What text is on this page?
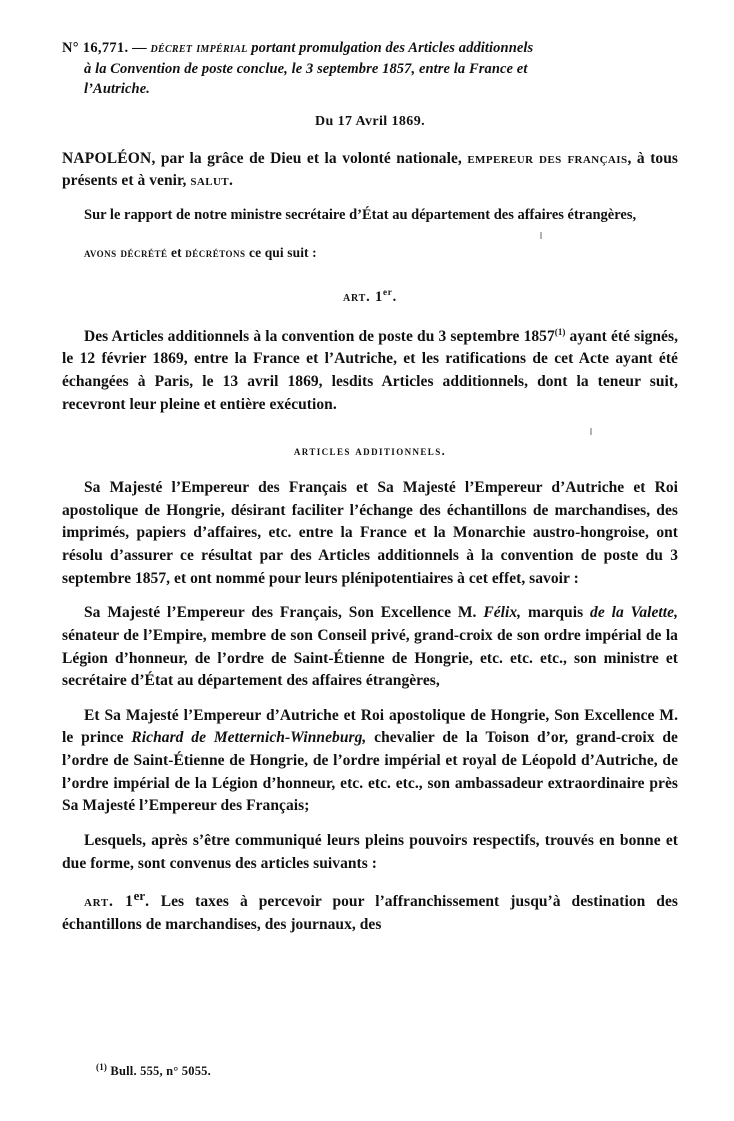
N° 16,771. — décret impérial portant promulgation des Articles additionnels
à la Convention de poste conclue, le 3 septembre 1857, entre la France et
l’Autriche.
Du 17 Avril 1869.

NAPOLÉON, par la grâce de Dieu et la volonté nationale, empereur des français, à tous présents et à venir, salut.

Sur le rapport de notre ministre secrétaire d’État au département des affaires étrangères,

avons décrété et décrétons ce qui suit :

art. 1er.

Des Articles additionnels à la convention de poste du 3 septembre 1857$^{(1)}$ ayant été signés, le 12 février 1869, entre la France et l’Autriche, et les ratifications de cet Acte ayant été échangées à Paris, le 13 avril 1869, lesdits Articles additionnels, dont la teneur suit, recevront leur pleine et entière exécution.

articles additionnels.

Sa Majesté l’Empereur des Français et Sa Majesté l’Empereur d’Autriche et Roi apostolique de Hongrie, désirant faciliter l’échange des échantillons de marchandises, des imprimés, papiers d’affaires, etc. entre la France et la Monarchie austro-hongroise, ont résolu d’assurer ce résultat par des Articles additionnels à la convention de poste du 3 septembre 1857, et ont nommé pour leurs plénipotentiaires à cet effet, savoir :

Sa Majesté l’Empereur des Français, Son Excellence M. Félix, marquis de la Valette, sénateur de l’Empire, membre de son Conseil privé, grand-croix de son ordre impérial de la Légion d’honneur, de l’ordre de Saint-Étienne de Hongrie, etc. etc. etc., son ministre et secrétaire d’État au département des affaires étrangères,

Et Sa Majesté l’Empereur d’Autriche et Roi apostolique de Hongrie, Son Excellence M. le prince Richard de Metternich-Winneburg, chevalier de la Toison d’or, grand-croix de l’ordre de Saint-Étienne de Hongrie, de l’ordre impérial et royal de Léopold d’Autriche, de l’ordre impérial de la Légion d’honneur, etc. etc. etc., son ambassadeur extraordinaire près Sa Majesté l’Empereur des Français;

Lesquels, après s’être communiqué leurs pleins pouvoirs respectifs, trouvés en bonne et due forme, sont convenus des articles suivants :

art. 1er. Les taxes à percevoir pour l’affranchissement jusqu’à destination des échantillons de marchandises, des journaux, des

$^{(1)}$ Bull. 555, n° 5055.
